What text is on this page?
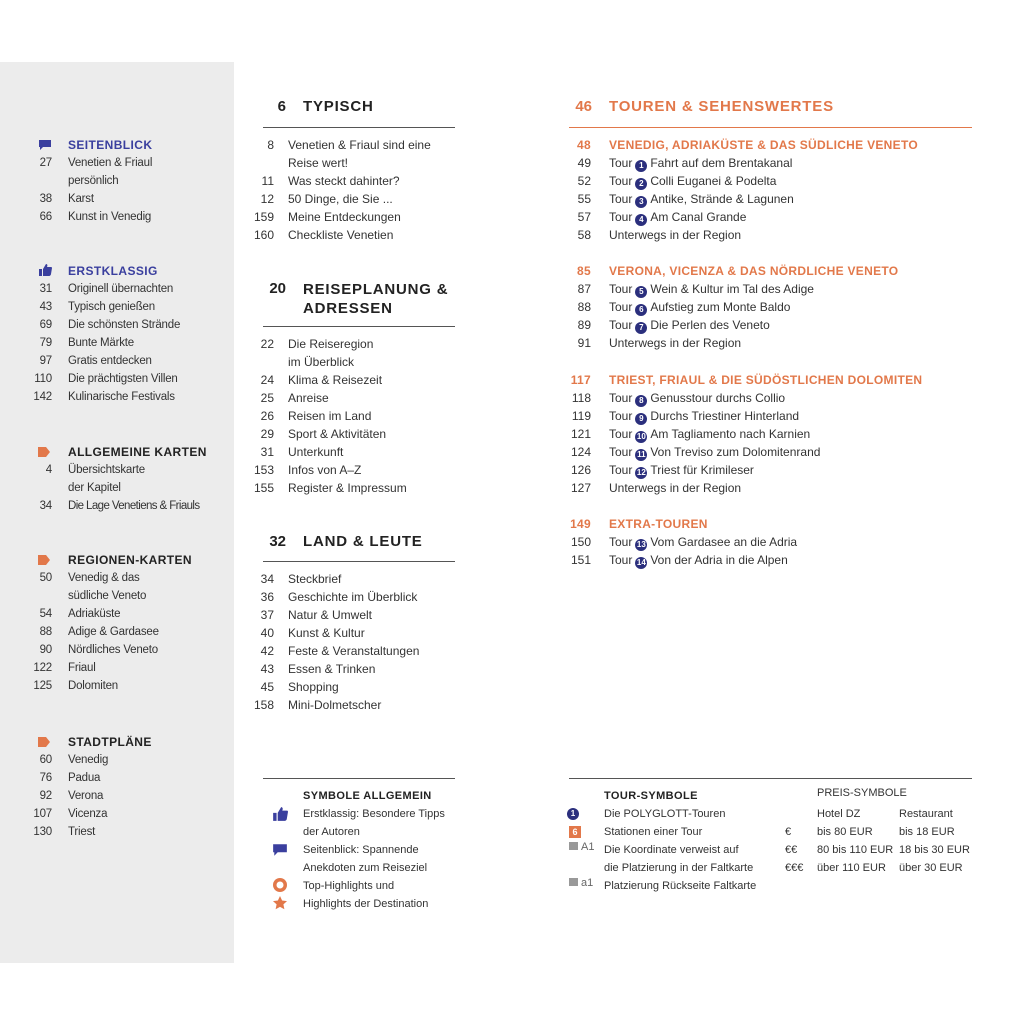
SEITENBLICK
27 Venetien & Friaul
persönlich
38 Karst
66 Kunst in Venedig
ERSTKLASSIG
31 Originell übernachten
43 Typisch genießen
69 Die schönsten Strände
79 Bunte Märkte
97 Gratis entdecken
110 Die prächtigsten Villen
142 Kulinarische Festivals
ALLGEMEINE KARTEN
4 Übersichtskarte
der Kapitel
34 Die Lage Venetiens & Friauls
REGIONEN-KARTEN
50 Venedig & das
südliche Veneto
54 Adriaküste
88 Adige & Gardasee
90 Nördliches Veneto
122 Friaul
125 Dolomiten
STADTPLÄNE
60 Venedig
76 Padua
92 Verona
107 Vicenza
130 Triest
6 TYPISCH
8 Venetien & Friaul sind eine
Reise wert!
11 Was steckt dahinter?
12 50 Dinge, die Sie ...
159 Meine Entdeckungen
160 Checkliste Venetien
20 REISEPLANUNG &
ADRESSEN
22 Die Reiseregion
im Überblick
24 Klima & Reisezeit
25 Anreise
26 Reisen im Land
29 Sport & Aktivitäten
31 Unterkunft
153 Infos von A–Z
155 Register & Impressum
32 LAND & LEUTE
34 Steckbrief
36 Geschichte im Überblick
37 Natur & Umwelt
40 Kunst & Kultur
42 Feste & Veranstaltungen
43 Essen & Trinken
45 Shopping
158 Mini-Dolmetscher
46 TOUREN & SEHENSWERTES
48 VENEDIG, ADRIAKÜSTE & DAS SÜDLICHE VENETO
49 Tour 1 Fahrt auf dem Brentakanal
52 Tour 2 Colli Euganei & Podelta
55 Tour 3 Antike, Strände & Lagunen
57 Tour 4 Am Canal Grande
58 Unterwegs in der Region
85 VERONA, VICENZA & DAS NÖRDLICHE VENETO
87 Tour 5 Wein & Kultur im Tal des Adige
88 Tour 6 Aufstieg zum Monte Baldo
89 Tour 7 Die Perlen des Veneto
91 Unterwegs in der Region
117 TRIEST, FRIAUL & DIE SÜDÖSTLICHEN DOLOMITEN
118 Tour 8 Genusstour durchs Collio
119 Tour 9 Durchs Triestiner Hinterland
121 Tour 10 Am Tagliamento nach Karnien
124 Tour 11 Von Treviso zum Dolomitenrand
126 Tour 12 Triest für Krimileser
127 Unterwegs in der Region
149 EXTRA-TOUREN
150 Tour 13 Vom Gardasee an die Adria
151 Tour 14 Von der Adria in die Alpen
SYMBOLE ALLGEMEIN
Erstklassig: Besondere Tipps
der Autoren
Seitenblick: Spannende
Anekdoten zum Reiseziel
Top-Highlights und
Highlights der Destination
TOUR-SYMBOLE
Die POLYGLOTT-Touren
Stationen einer Tour
Die Koordinate verweist auf
die Platzierung in der Faltkarte
Platzierung Rückseite Faltkarte
1
6
A1
a1
PREIS-SYMBOLE
Hotel DZ	Restaurant
€ bis 80 EUR bis 18 EUR
€€ 80 bis 110 EUR 18 bis 30 EUR
€€€ über 110 EUR über 30 EUR
